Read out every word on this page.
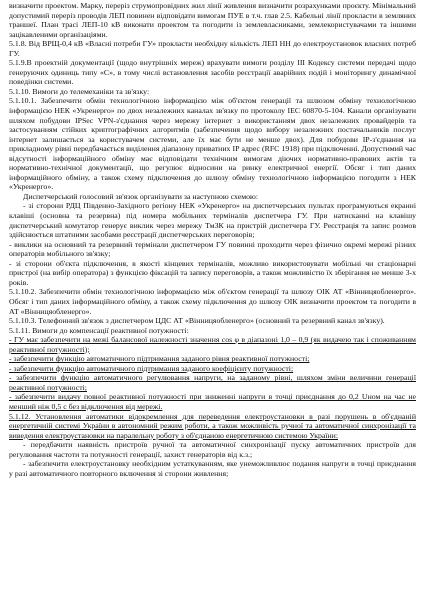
визначити проектом. Марку, переріз струмопровідних жил лінії живлення визначити розрахунками проєкту. Мінімальний допустимий переріз проводів ЛЕП повинен відповідати вимогам ПУЕ в т.ч. глав 2.5. Кабельні лінії прокласти в земляних траншеї. План трасі ЛЕП-10 кВ виконати проектом та погодити із землевласниками, землекористувачами та іншими зацікавленими організаціями.

5.1.8. Від ВРЩ-0,4 кВ «Власні потреби ГУ» прокласти необхідну кількість ЛЕП НН до електроустановок власних потреб ГУ.

5.1.9.В проектній документації (щодо внутрішніх мереж) врахувати вимоги розділу ІІІ Кодексу системи передачі щодо генеруючих одиниць типу «С», в тому числі встановлення засобів реєстрації аварійних подій і моніторингу динамічної поведінки системи.

5.1.10. Вимоги до телемеханіки та зв'язку:

5.1.10.1. Забезпечити обмін технологічною інформацією між об'єктом генерації та шлюзом обміну технологічною інформацією НЕК «Укренерго» по двох незалежних каналах зв'язку по протоколу ІЕС 60870-5-104. Канали організувати шляхом побудови IPSec VPN-з'єднання через мережу інтернет з використанням двох незалежних провайдерів та застосуванням стійких криптографічних алгоритмів (забезпечення щодо вибору незалежних постачальників послуг інтернет залишається за користувачем системи, але їх має бути не менше двох). Для побудови ІР-з'єднання на прикладному рівні передбачається виділення діапазону приватних ІР адрес (RFC 1918) при підключенні. Допустимий час відсутності інформаційного обміну має відповідати технічним вимогам діючих нормативно-правових актів та нормативно-технічної документації, що регулює відносини на ринку електричної енергії. Обсяг і тип даних інформаційного обміну, а також схему підключення до шлюзу обміну технологічною інформацією погодити з НЕК «Укренерго».

Диспетчерський голосовий зв'язок організувати за наступною схемою:

- зі сторони РДЦ Південно-Західного регіону НЕК «Укренерго» на диспетчерських пультах програмуються екранні клавіші (основна та резервна) під номера мобільних терміналів диспетчера ГУ. При натисканні на клавішу диспетчерський комутатор генерує виклик через мережу ТмЗК на пристрій диспетчера ГУ. Реєстрація та запис розмов здійснюється штатними засобами реєстрації диспетчерських переговорів;

- виклики на основний та резервний термінали диспетчером ГУ повинні проходити через фізично окремі мережі різних операторів мобільного зв'язку;

- зі сторони об'єкта підключення, в якості кінцевих терміналів, можливо використовувати мобільні чи стаціонарні пристрої (на вибір оператора) з функцією фіксацій та запису переговорів, а також можливістю їх зберігання не менше 3-х років.

5.1.10.2. Забезпечити обмін технологічною інформацією між об'єктом генерації та шлюзу ОІК АТ «Вінницяобленерго». Обсяг і тип даних інформаційного обміну, а також схему підключення до шлюзу ОІК визначити проектом та погодити в АТ «Вінницяобленерго».

5.1.10.3. Телефонний зв'язок з диспетчером ЦДС АТ «Вінницяобленерго» (основний та резервний канал зв'язку).

5.1.11. Вимоги до компенсації реактивної потужності:

- ГУ має забезпечити на межі балансової належності значення cos φ в діапазоні 1,0 – 0,9 (як видачею так і споживанням реактивної потужності);

- забезпечити функцію автоматичного підтримання заданого рівня реактивної потужності;

- забезпечити функцію автоматичного підтримання заданого коефіцієнту потужності;

- забезпечити функцію автоматичного регулювання напруги, на заданому рівні, шляхом зміни величини генерації реактивної потужності;

- забезпечити видачу повної реактивної потужності при зниженні напруги в точці приєднання до 0,2 Uном на час не менший ніж 0,5 с без відключення від мережі.

5.1.12. Установлення автоматики відокремлення для переведення електроустановки в разі порушень в об'єднаній енергетичній системі України в автономний режим роботи, а також можливість ручної та автоматичної синхронізації та виведення електроустановки на паралельну роботу з об'єднаною енергетичною системою України:

- передбачити наявність пристроїв ручної та автоматичної синхронізації пуску автоматичних пристроїв для регулювання частоти та потужності генерації, захист генераторів від к.з.;

- забезпечити електроустановку необхідним устаткуванням, яке унеможливлює подання напруги в точці приєднання у разі автоматичного повторного включення зі сторони живлення;
